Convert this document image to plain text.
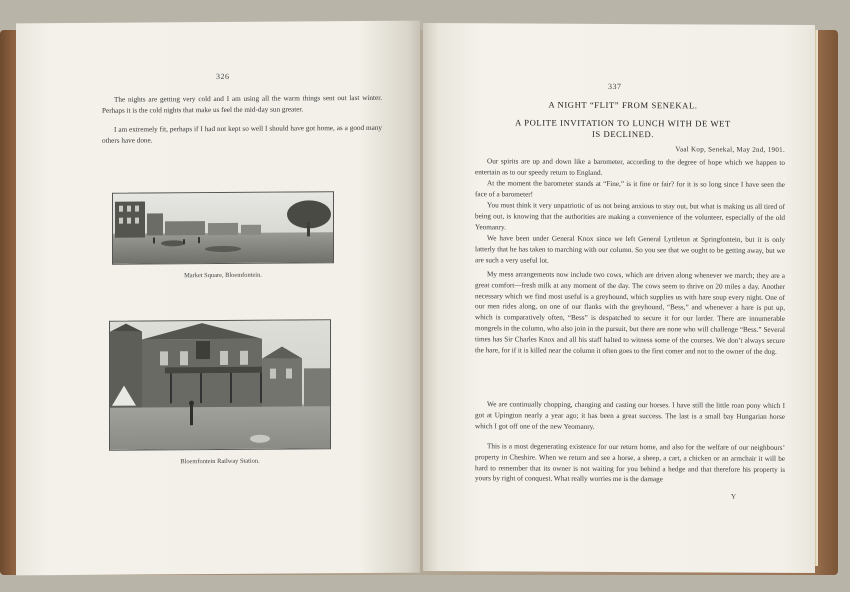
326

The nights are getting very cold and I am using all the warm things sent out last winter. Perhaps it is the cold nights that make us feel the mid-day sun greater.

I am extremely fit, perhaps if I had not kept so well I should have got home, as a good many others have done.

Market Square, Bloemfontein.
Bloemfontein Railway Station.
337
A NIGHT “FLIT” FROM SENEKAL.
A POLITE INVITATION TO LUNCH WITH DE WET
IS DECLINED.
Vaal Kop, Senekal, May 2nd, 1901.

Our spirits are up and down like a barometer, according to the degree of hope which we happen to entertain as to our speedy return to England.

At the moment the barometer stands at “Fine,” is it fine or fair? for it is so long since I have seen the face of a barometer!

You must think it very unpatriotic of us not being anxious to stay out, but what is making us all tired of being out, is knowing that the authorities are making a convenience of the volunteer, especially of the old Yeomanry.

We have been under General Knox since we left General Lyttleton at Springfontein, but it is only latterly that he has taken to marching with our column. So you see that we ought to be getting away, but we are such a very useful lot.

My mess arrangements now include two cows, which are driven along whenever we march; they are a great comfort—fresh milk at any moment of the day. The cows seem to thrive on 20 miles a day. Another necessary which we find most useful is a greyhound, which supplies us with hare soup every night. One of our men rides along, on one of our flanks with the greyhound, “Bess,” and whenever a hare is put up, which is comparatively often, “Bess” is despatched to secure it for our larder. There are innumerable mongrels in the column, who also join in the pursuit, but there are none who will challenge “Bess.” Several times has Sir Charles Knox and all his staff halted to witness some of the courses. We don’t always secure the hare, for if it is killed near the column it often goes to the first comer and not to the owner of the dog.

We are continually chopping, changing and casting our horses. I have still the little roan pony which I got at Upington nearly a year ago; it has been a great success. The last is a small bay Hungarian horse which I got off one of the new Yeomanry.

This is a most degenerating existence for our return home, and also for the welfare of our neighbours’ property in Cheshire. When we return and see a horse, a sheep, a cart, a chicken or an armchair it will be hard to remember that its owner is not waiting for you behind a hedge and that therefore his property is yours by right of conquest. What really worries me is the damage

Y
